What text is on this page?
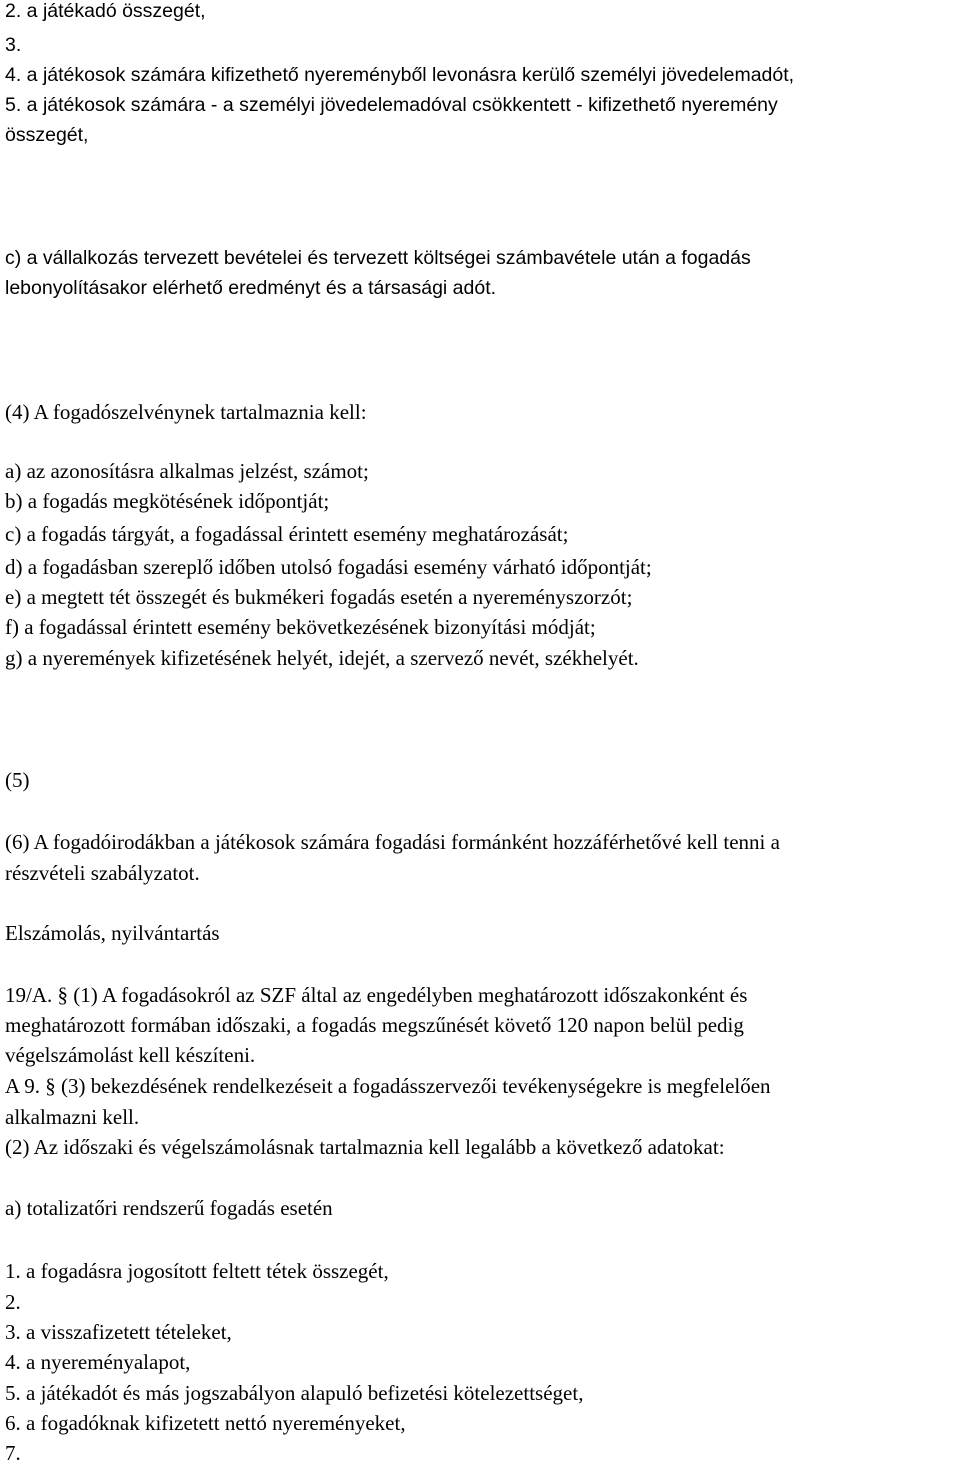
2. a játékadó összegét,
3.
4. a játékosok számára kifizethető nyereményből levonásra kerülő személyi jövedelemadót,
5. a játékosok számára - a személyi jövedelemadóval csökkentett - kifizethető nyeremény
összegét,
c) a vállalkozás tervezett bevételei és tervezett költségei számbavétele után a fogadás
lebonyolításakor elérhető eredményt és a társasági adót.
(4) A fogadószelvénynek tartalmaznia kell:
a) az azonosításra alkalmas jelzést, számot;
b) a fogadás megkötésének időpontját;
c) a fogadás tárgyát, a fogadással érintett esemény meghatározását;
d) a fogadásban szereplő időben utolsó fogadási esemény várható időpontját;
e) a megtett tét összegét és bukmékeri fogadás esetén a nyereményszorzót;
f) a fogadással érintett esemény bekövetkezésének bizonyítási módját;
g) a nyeremények kifizetésének helyét, idejét, a szervező nevét, székhelyét.
(5)
(6) A fogadóirodákban a játékosok számára fogadási formánként hozzáférhetővé kell tenni a
részvételi szabályzatot.
Elszámolás, nyilvántartás
19/A. § (1) A fogadásokról az SZF által az engedélyben meghatározott időszakonként és
meghatározott formában időszaki, a fogadás megszűnését követő 120 napon belül pedig
végelszámolást kell készíteni.
A 9. § (3) bekezdésének rendelkezéseit a fogadásszervezői tevékenységekre is megfelelően
alkalmazni kell.
(2) Az időszaki és végelszámolásnak tartalmaznia kell legalább a következő adatokat:
a) totalizatőri rendszerű fogadás esetén
1. a fogadásra jogosított feltett tétek összegét,
2.
3. a visszafizetett tételeket,
4. a nyereményalapot,
5. a játékadót és más jogszabályon alapuló befizetési kötelezettséget,
6. a fogadóknak kifizetett nettó nyereményeket,
7.
